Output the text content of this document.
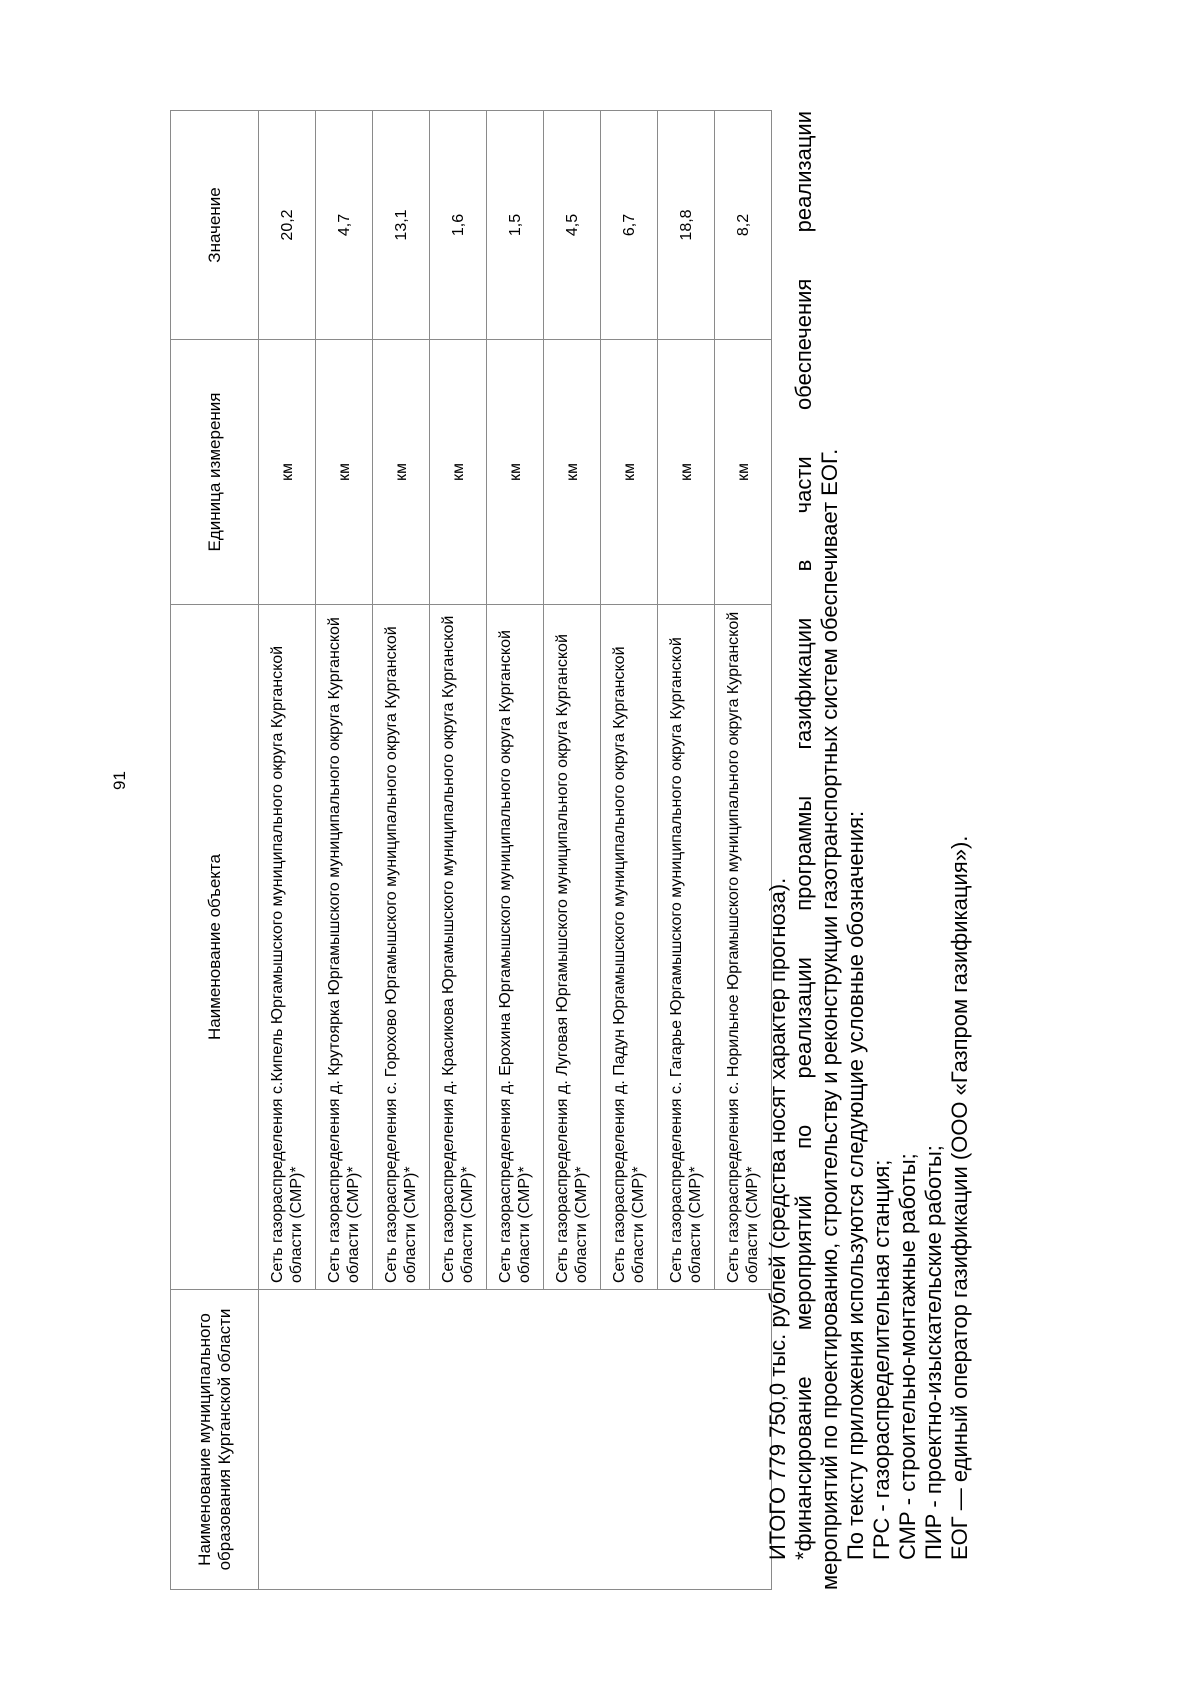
91
Наименование муниципального образования Курганской области	Наименование объекта	Единица измерения	Значение
	Сеть газораспределения с.Кипель Юргамышского муниципального округа Курганской области (СМР)*	км	20,2
	Сеть газораспределения д. Крутоярка Юргамышского муниципального округа Курганской области (СМР)*	км	4,7
	Сеть газораспределения с. Горохово Юргамышского муниципального округа Курганской области (СМР)*	км	13,1
	Сеть газораспределения д. Красикова Юргамышского муниципального округа Курганской области (СМР)*	км	1,6
	Сеть газораспределения д. Ерохина Юргамышского муниципального округа Курганской области (СМР)*	км	1,5
	Сеть газораспределения д. Луговая Юргамышского муниципального округа Курганской области (СМР)*	км	4,5
	Сеть газораспределения д. Падун Юргамышского муниципального округа Курганской области (СМР)*	км	6,7
	Сеть газораспределения с. Гагарье Юргамышского муниципального округа Курганской области (СМР)*	км	18,8
	Сеть газораспределения с. Норильное Юргамышского муниципального округа Курганской области (СМР)*	км	8,2

ИТОГО 779 750,0 тыс. рублей (средства носят характер прогноза). *финансирование мероприятий по реализации программы газификации в части обеспечения реализации мероприятий по проектированию, строительству и реконструкции газотранспортных систем обеспечивает ЕОГ. По тексту приложения используются следующие условные обозначения: ГРС - газораспределительная станция; СМР - строительно-монтажные работы; ПИР - проектно-изыскательские работы; ЕОГ — единый оператор газификации (ООО «Газпром газификация»).
